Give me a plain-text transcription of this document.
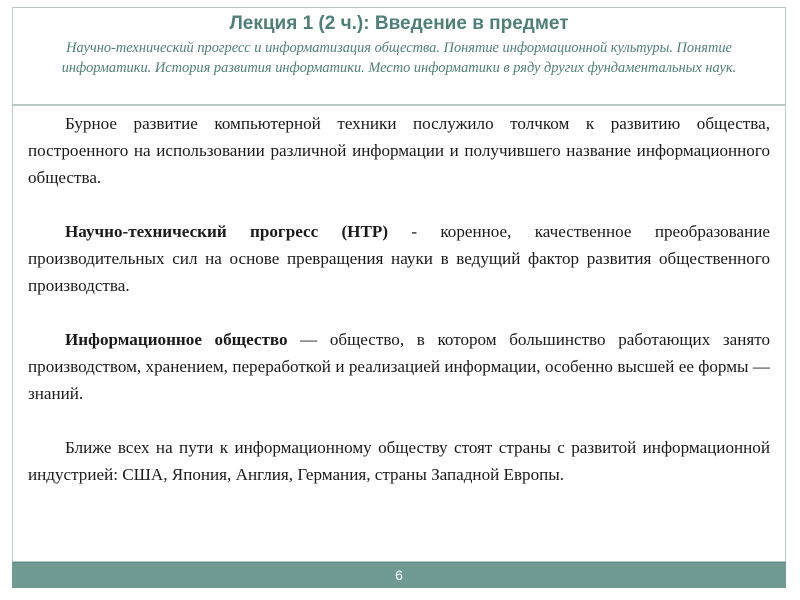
Лекция 1 (2 ч.): Введение в предмет
Научно-технический прогресс и информатизация общества. Понятие информационной культуры. Понятие информатики. История развития информатики. Место информатики в ряду других фундаментальных наук.

Бурное развитие компьютерной техники послужило толчком к развитию общества, построенного на использовании различной информации и получившего название информационного общества.

Научно-технический прогресс (НТР) - коренное, качественное преобразование производительных сил на основе превращения науки в ведущий фактор развития общественного производства.

Информационное общество — общество, в котором большинство работающих занято производством, хранением, переработкой и реализацией информации, особенно высшей ее формы — знаний.

Ближе всех на пути к информационному обществу стоят страны с развитой информационной индустрией: США, Япония, Англия, Германия, страны Западной Европы.

6
